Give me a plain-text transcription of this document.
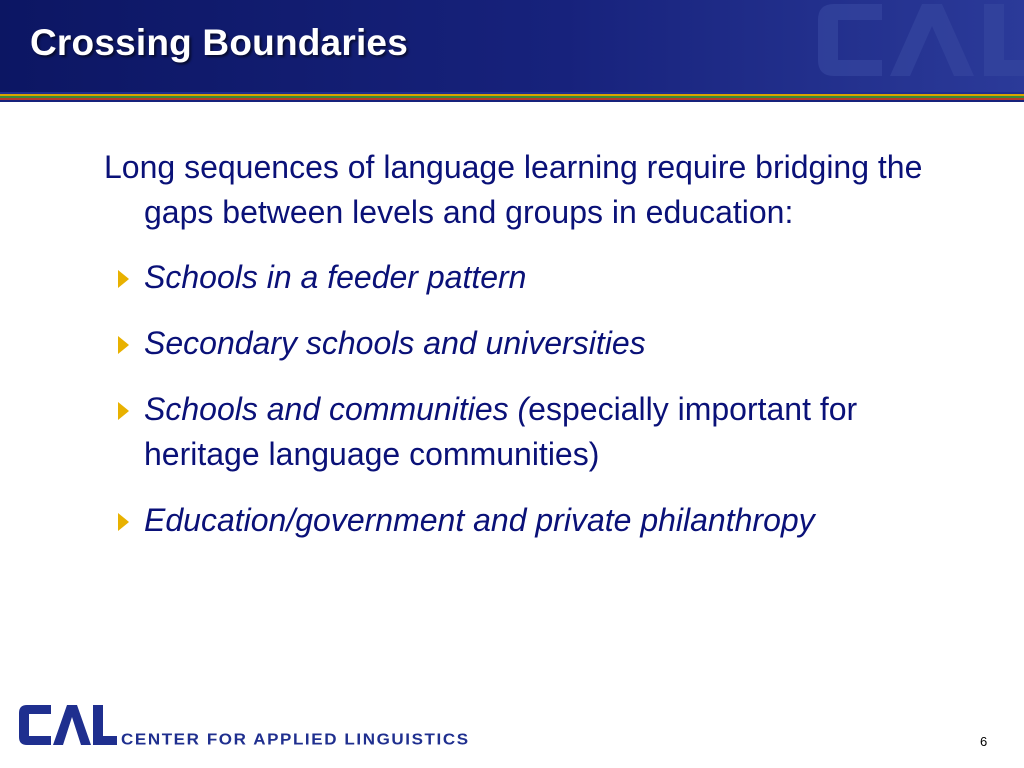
Crossing Boundaries

Long sequences of language learning require bridging the gaps between levels and groups in education:

Schools in a feeder pattern
Secondary schools and universities
Schools and communities (especially important for heritage language communities)
Education/government and private philanthropy
CENTER FOR APPLIED LINGUISTICS	6
